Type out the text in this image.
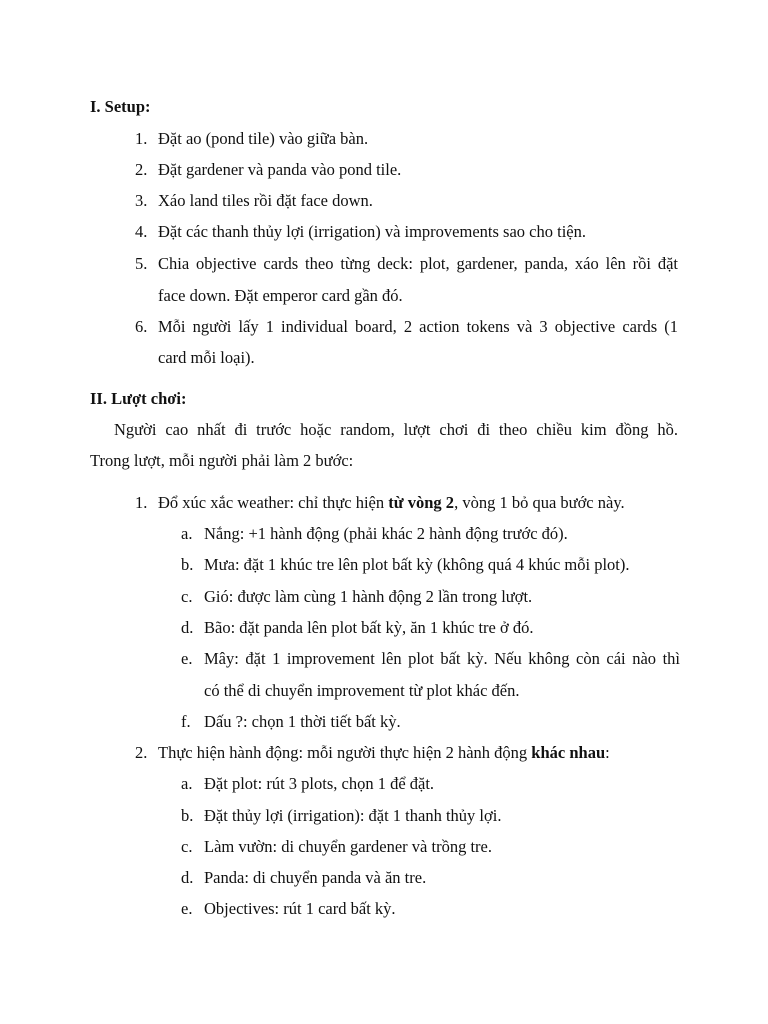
I. Setup:
1. Đặt ao (pond tile) vào giữa bàn.
2. Đặt gardener và panda vào pond tile.
3. Xáo land tiles rồi đặt face down.
4. Đặt các thanh thủy lợi (irrigation) và improvements sao cho tiện.
5. Chia objective cards theo từng deck: plot, gardener, panda, xáo lên rồi đặt
face down. Đặt emperor card gần đó.
6. Mỗi người lấy 1 individual board, 2 action tokens và 3 objective cards (1
card mỗi loại).
II. Lượt chơi:
Người cao nhất đi trước hoặc random, lượt chơi đi theo chiều kim đồng hồ.
Trong lượt, mỗi người phải làm 2 bước:
1. Đổ xúc xắc weather: chỉ thực hiện từ vòng 2, vòng 1 bỏ qua bước này.
a. Nắng: +1 hành động (phải khác 2 hành động trước đó).
b. Mưa: đặt 1 khúc tre lên plot bất kỳ (không quá 4 khúc mỗi plot).
c. Gió: được làm cùng 1 hành động 2 lần trong lượt.
d. Bão: đặt panda lên plot bất kỳ, ăn 1 khúc tre ở đó.
e. Mây: đặt 1 improvement lên plot bất kỳ. Nếu không còn cái nào thì
có thể di chuyển improvement từ plot khác đến.
f. Dấu ?: chọn 1 thời tiết bất kỳ.
2. Thực hiện hành động: mỗi người thực hiện 2 hành động khác nhau:
a. Đặt plot: rút 3 plots, chọn 1 để đặt.
b. Đặt thủy lợi (irrigation): đặt 1 thanh thủy lợi.
c. Làm vườn: di chuyển gardener và trồng tre.
d. Panda: di chuyển panda và ăn tre.
e. Objectives: rút 1 card bất kỳ.
